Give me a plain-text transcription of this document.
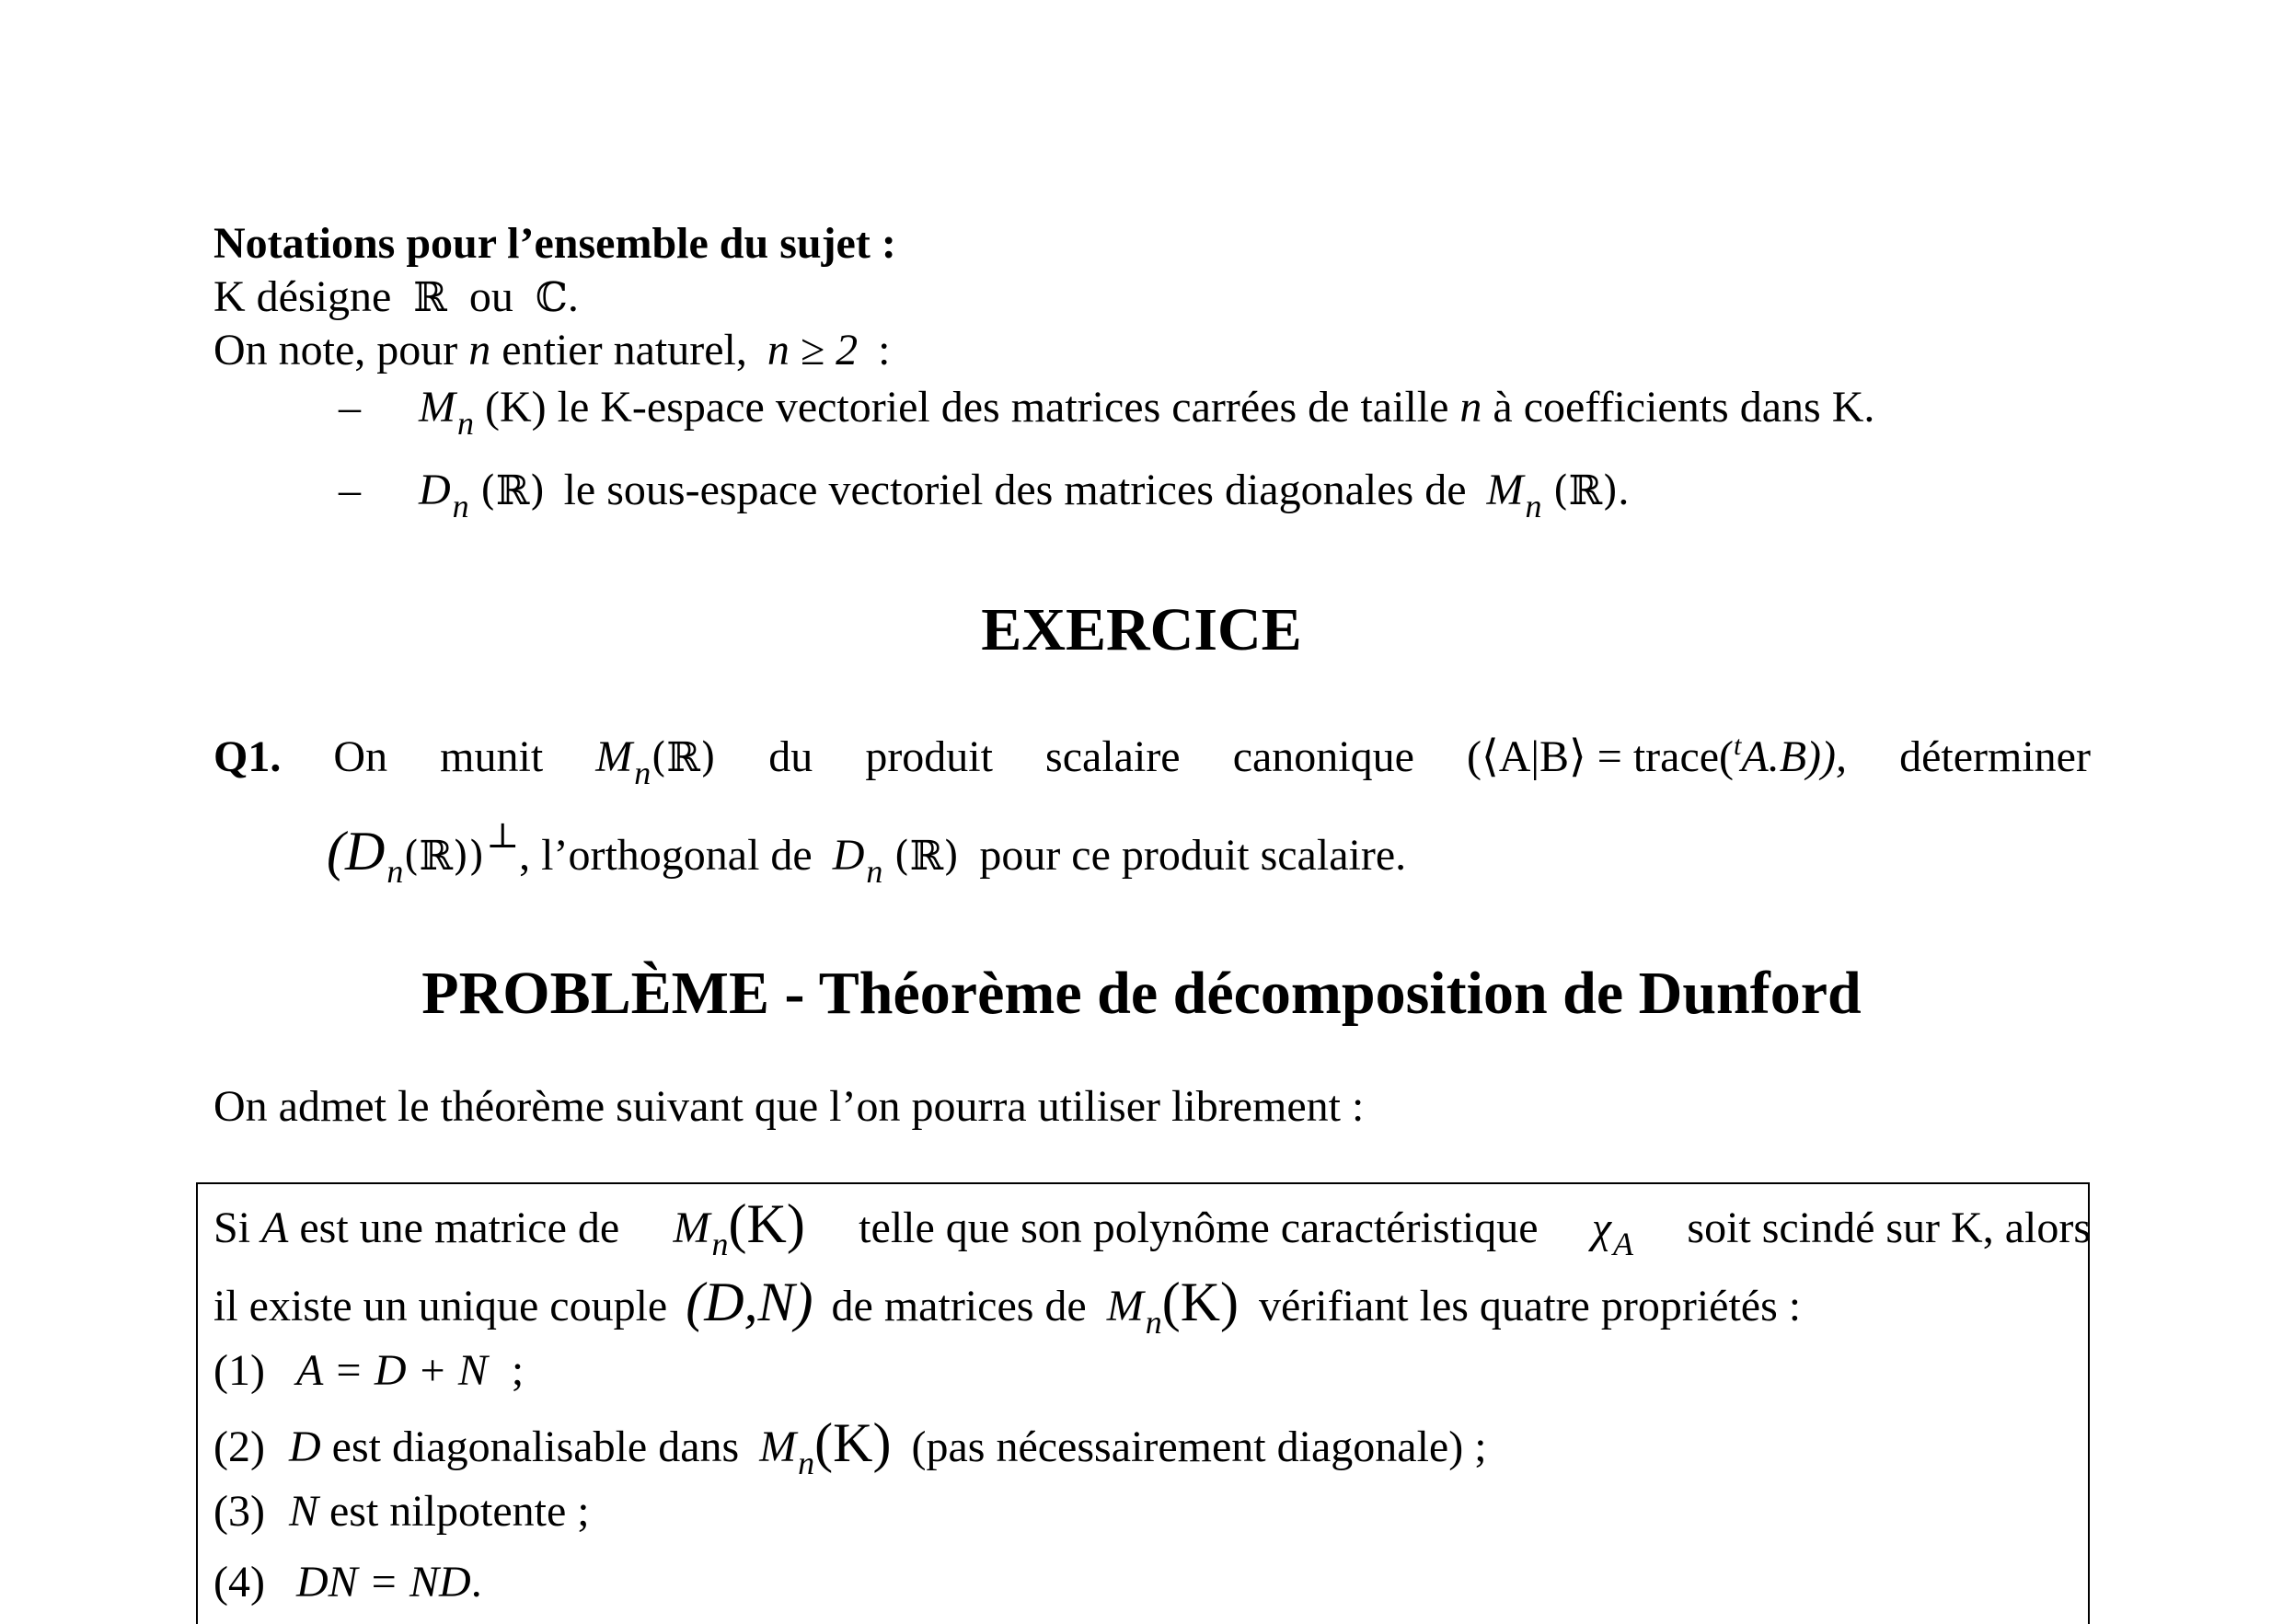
Notations pour l’ensemble du sujet :
K désigne ℝ ou ℂ.
On note, pour n entier naturel, n ≥ 2 :
– $M_n$ (K) le K-espace vectoriel des matrices carrées de taille n à coefficients dans K.
– $D_n$ (ℝ) le sous-espace vectoriel des matrices diagonales de $M_n$ (ℝ).
EXERCICE
Q1. On munit $M_n(ℝ)$ du produit scalaire canonique (⟨A|B⟩ = trace($^t$A.B)), déterminer
$(D_n(ℝ))^\perp$, l’orthogonal de $D_n$ (ℝ) pour ce produit scalaire.
PROBLÈME - Théorème de décomposition de Dunford
On admet le théorème suivant que l’on pourra utiliser librement :
Si A est une matrice de $M_n(K)$ telle que son polynôme caractéristique $\chi_A$ soit scindé sur K, alors
il existe un unique couple (D,N) de matrices de $M_n(K)$ vérifiant les quatre propriétés :
(1) A = D + N ;
(2) D est diagonalisable dans $M_n(K)$ (pas nécessairement diagonale) ;
(3) N est nilpotente ;
(4) DN = ND.
